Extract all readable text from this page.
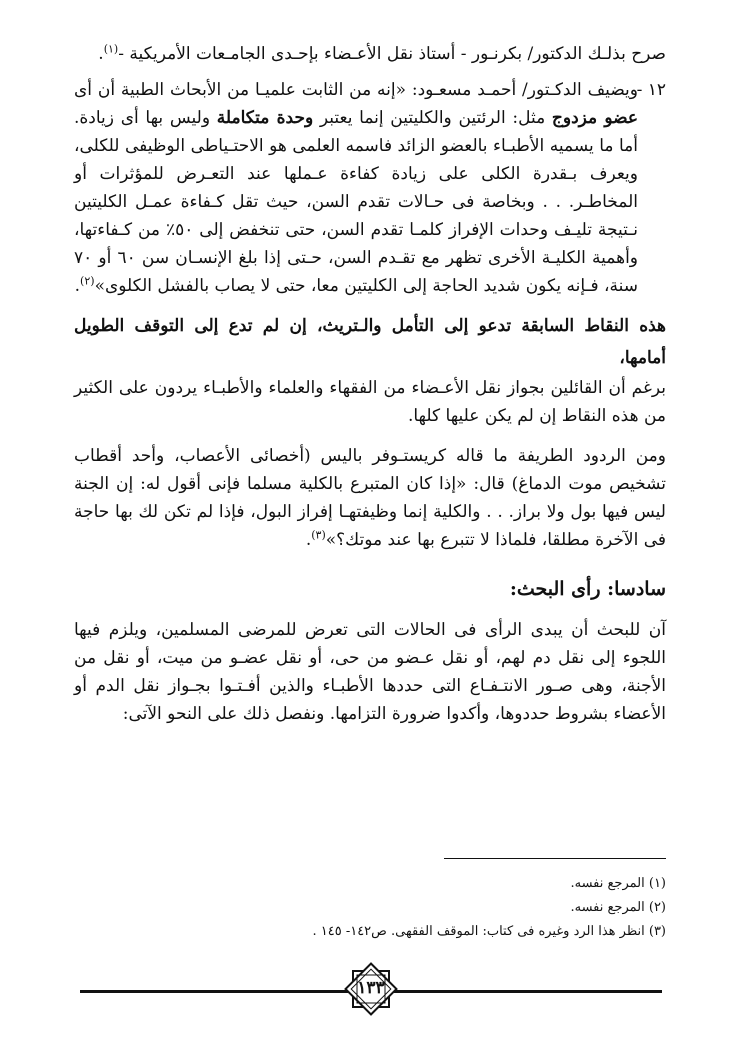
صرح بذلـك الدكتور/ بكرنـور - أستاذ نقل الأعـضاء بإحـدى الجامـعات الأمريكية -$^{(١)}$.

١٢ -

ويضيف الدكـتور/ أحمـد مسعـود: «إنه من الثابت علميـا من الأبحاث الطبية أن أى عضو مزدوج مثل: الرئتين والكليتين إنما يعتبر وحدة متكاملة وليس بها أى زيادة. أما ما يسميه الأطبـاء بالعضو الزائد فاسمه العلمى هو الاحتـياطى الوظيفى للكلى، ويعرف بـقدرة الكلى على زيادة كفاءة عـملها عند التعـرض للمؤثرات أو المخاطـر. . . وبخاصة فى حـالات تقدم السن، حيث تقل كـفاءة عمـل الكليتين نـتيجة تليـف وحدات الإفراز كلمـا تقدم السن، حتى تنخفض إلى ٥٠٪ من كـفاءتها، وأهمية الكليـة الأخرى تظهر مع تقـدم السن، حـتى إذا بلغ الإنسـان سن ٦٠ أو ٧٠ سنة، فـإنه يكون شديد الحاجة إلى الكليتين معا، حتى لا يصاب بالفشل الكلوى»$^{(٢)}$.

هذه النقاط السابقة تدعو إلى التأمل والـتريث، إن لم تدع إلى التوقف الطويل أمامها،

برغم أن القائلين بجواز نقل الأعـضاء من الفقهاء والعلماء والأطبـاء يردون على الكثير من هذه النقاط إن لم يكن عليها كلها.

ومن الردود الطريفة ما قاله كريستـوفر باليس (أخصائى الأعصاب، وأحد أقطاب تشخيص موت الدماغ) قال: «إذا كان المتبرع بالكلية مسلما فإنى أقول له: إن الجنة ليس فيها بول ولا براز. . . والكلية إنما وظيفتهـا إفراز البول، فإذا لم تكن لك بها حاجة فى الآخرة مطلقا، فلماذا لا تتبرع بها عند موتك؟»$^{(٣)}$.

سادسا: رأى البحث:

آن للبحث أن يبدى الرأى فى الحالات التى تعرض للمرضى المسلمين، ويلزم فيها اللجوء إلى نقل دم لهم، أو نقل عـضو من حى، أو نقل عضـو من ميت، أو نقل من الأجنة، وهى صـور الانتـفـاع التى حددها الأطبـاء والذين أفـتـوا بجـواز نقل الدم أو الأعضاء بشروط حددوها، وأكدوا ضرورة التزامها. ونفصل ذلك على النحو الآتى:

(١) المرجع نفسه.
(٢) المرجع نفسه.
(٣) انظر هذا الرد وغيره فى كتاب: الموقف الفقهى. ص١٤٢- ١٤٥ .
١٣٣
